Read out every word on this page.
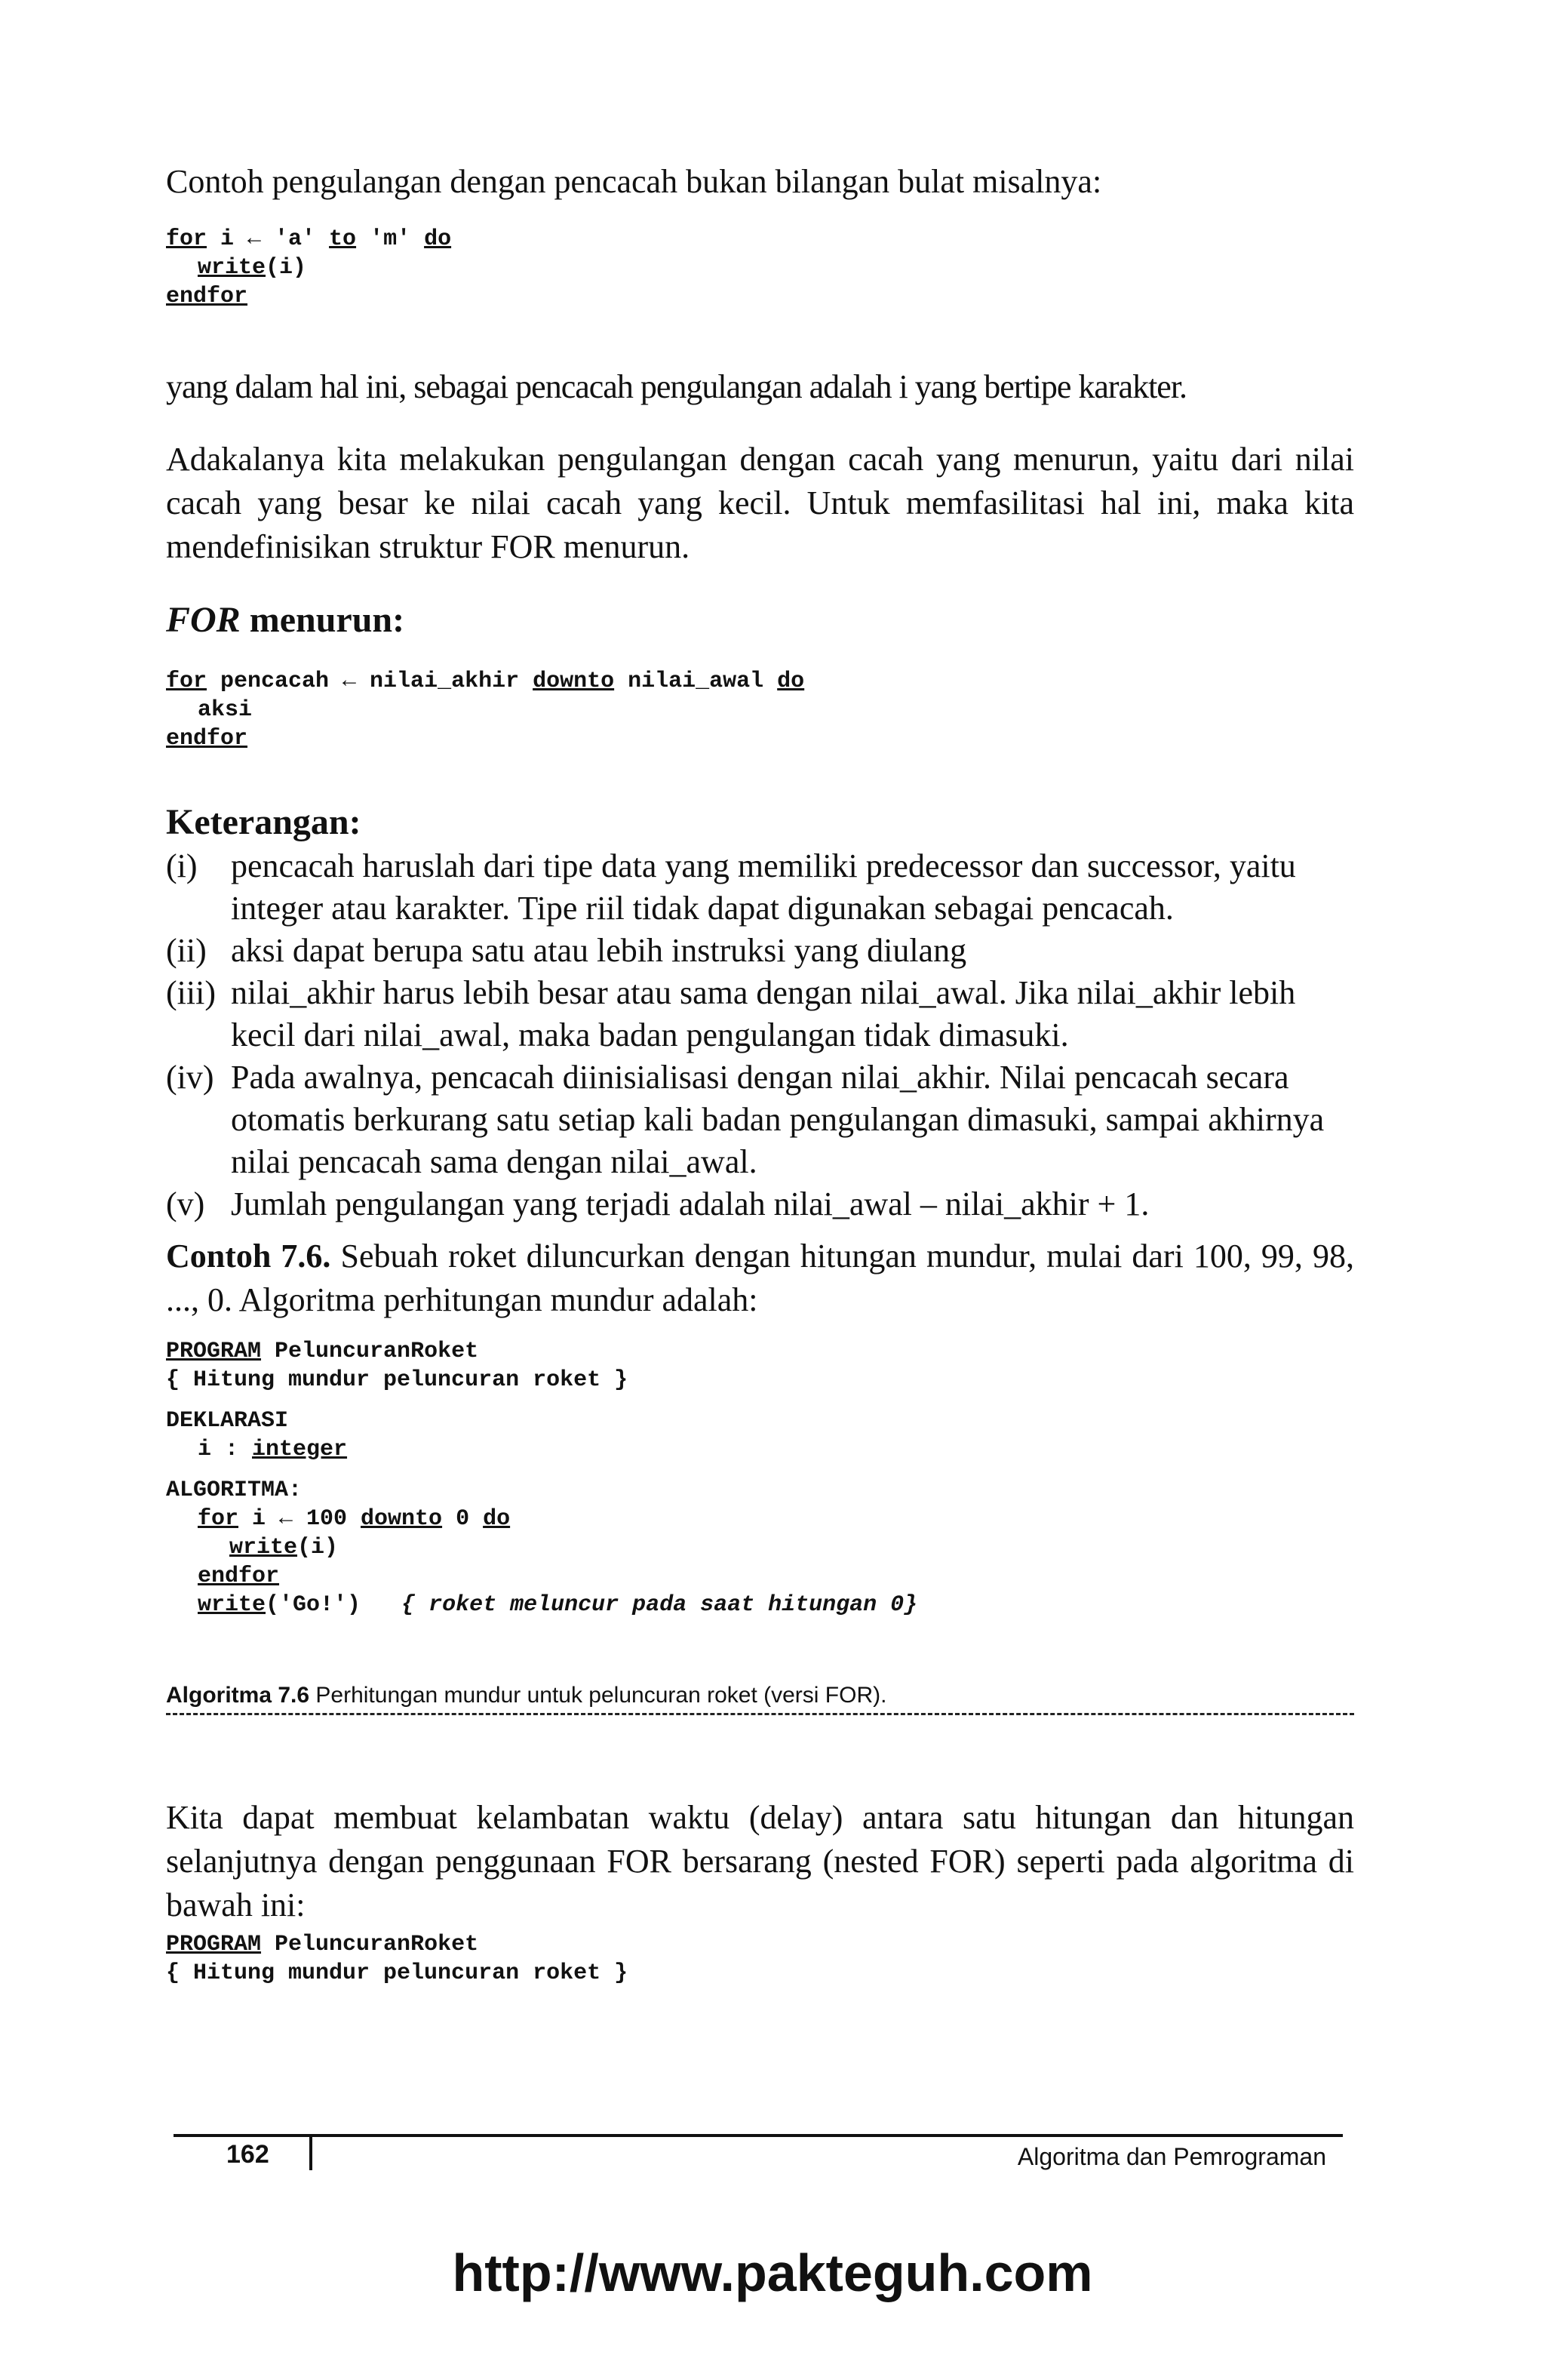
Contoh pengulangan dengan pencacah bukan bilangan bulat misalnya:

for i ← 'a' to 'm' do
write(i)
endfor

yang dalam hal ini, sebagai pencacah pengulangan adalah i yang bertipe karakter.

Adakalanya kita melakukan pengulangan dengan cacah yang menurun, yaitu dari nilai cacah yang besar ke nilai cacah yang kecil. Untuk memfasilitasi hal ini, maka kita mendefinisikan struktur FOR menurun.

FOR menurun:

for pencacah ← nilai_akhir downto nilai_awal do
aksi
endfor

Keterangan:

(i) pencacah haruslah dari tipe data yang memiliki predecessor dan successor, yaitu integer atau karakter. Tipe riil tidak dapat digunakan sebagai pencacah.
(ii) aksi dapat berupa satu atau lebih instruksi yang diulang
(iii) nilai_akhir harus lebih besar atau sama dengan nilai_awal. Jika nilai_akhir lebih kecil dari nilai_awal, maka badan pengulangan tidak dimasuki.
(iv) Pada awalnya, pencacah diinisialisasi dengan nilai_akhir. Nilai pencacah secara otomatis berkurang satu setiap kali badan pengulangan dimasuki, sampai akhirnya nilai pencacah sama dengan nilai_awal.
(v) Jumlah pengulangan yang terjadi adalah nilai_awal – nilai_akhir + 1.

Contoh 7.6. Sebuah roket diluncurkan dengan hitungan mundur, mulai dari 100, 99, 98, ..., 0. Algoritma perhitungan mundur adalah:

PROGRAM PeluncuranRoket
{ Hitung mundur peluncuran roket }
DEKLARASI
i : integer
ALGORITMA:
for i ← 100 downto 0 do
write(i)
endfor
write('Go!') { roket meluncur pada saat hitungan 0}
Algoritma 7.6 Perhitungan mundur untuk peluncuran roket (versi FOR).

Kita dapat membuat kelambatan waktu (delay) antara satu hitungan dan hitungan selanjutnya dengan penggunaan FOR bersarang (nested FOR) seperti pada algoritma di bawah ini:

PROGRAM PeluncuranRoket
{ Hitung mundur peluncuran roket }
162	Algoritma dan Pemrograman
http://www.pakteguh.com
